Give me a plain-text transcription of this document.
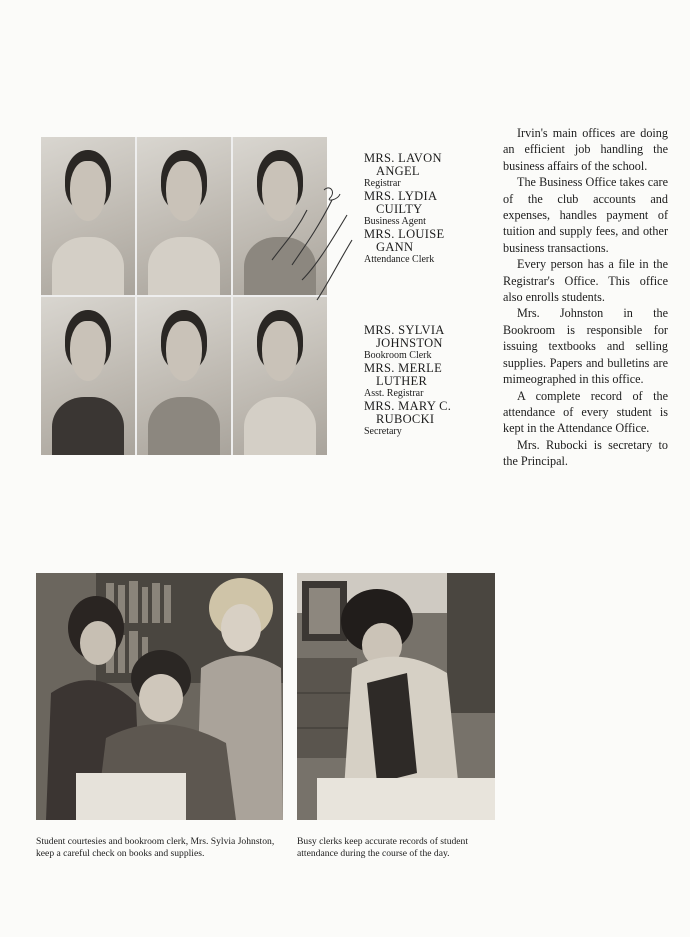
MRS. LAVON
ANGEL
Registrar
MRS. LYDIA
CUILTY
Business Agent
MRS. LOUISE
GANN
Attendance Clerk
MRS. SYLVIA
JOHNSTON
Bookroom Clerk
MRS. MERLE
LUTHER
Asst. Registrar
MRS. MARY C.
RUBOCKI
Secretary

Irvin's main offices are doing an efficient job handling the business affairs of the school.

The Business Office takes care of the club accounts and expenses, handles payment of tuition and supply fees, and other business transactions.

Every person has a file in the Registrar's Office. This office also enrolls students.

Mrs. Johnston in the Bookroom is responsible for issuing textbooks and selling supplies. Papers and bulletins are mimeographed in this office.

A complete record of the attendance of every student is kept in the Attendance Office.

Mrs. Rubocki is secretary to the Principal.

Student courtesies and bookroom clerk, Mrs. Sylvia Johnston, keep a careful check on books and supplies.
Busy clerks keep accurate records of student attendance during the course of the day.
